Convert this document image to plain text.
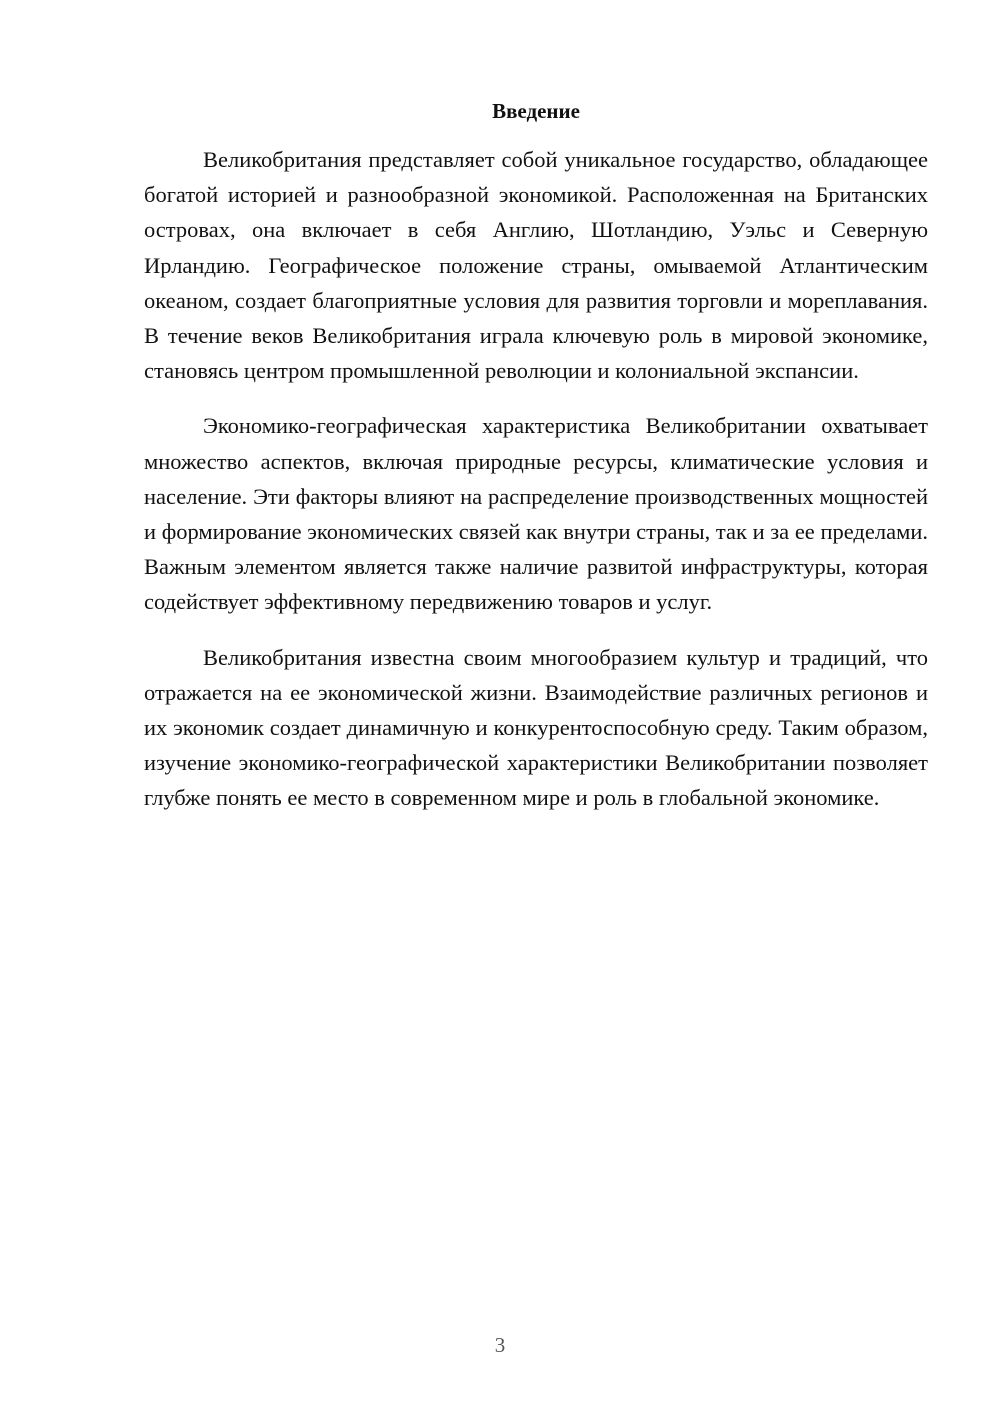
Введение

Великобритания представляет собой уникальное государство, обладающее богатой историей и разнообразной экономикой. Расположенная на Британских островах, она включает в себя Англию, Шотландию, Уэльс и Северную Ирландию. Географическое положение страны, омываемой Атлантическим океаном, создает благоприятные условия для развития торговли и мореплавания. В течение веков Великобритания играла ключевую роль в мировой экономике, становясь центром промышленной революции и колониальной экспансии.

Экономико-географическая характеристика Великобритании охватывает множество аспектов, включая природные ресурсы, климатические условия и население. Эти факторы влияют на распределение производственных мощностей и формирование экономических связей как внутри страны, так и за ее пределами. Важным элементом является также наличие развитой инфраструктуры, которая содействует эффективному передвижению товаров и услуг.

Великобритания известна своим многообразием культур и традиций, что отражается на ее экономической жизни. Взаимодействие различных регионов и их экономик создает динамичную и конкурентоспособную среду. Таким образом, изучение экономико-географической характеристики Великобритании позволяет глубже понять ее место в современном мире и роль в глобальной экономике.

3
